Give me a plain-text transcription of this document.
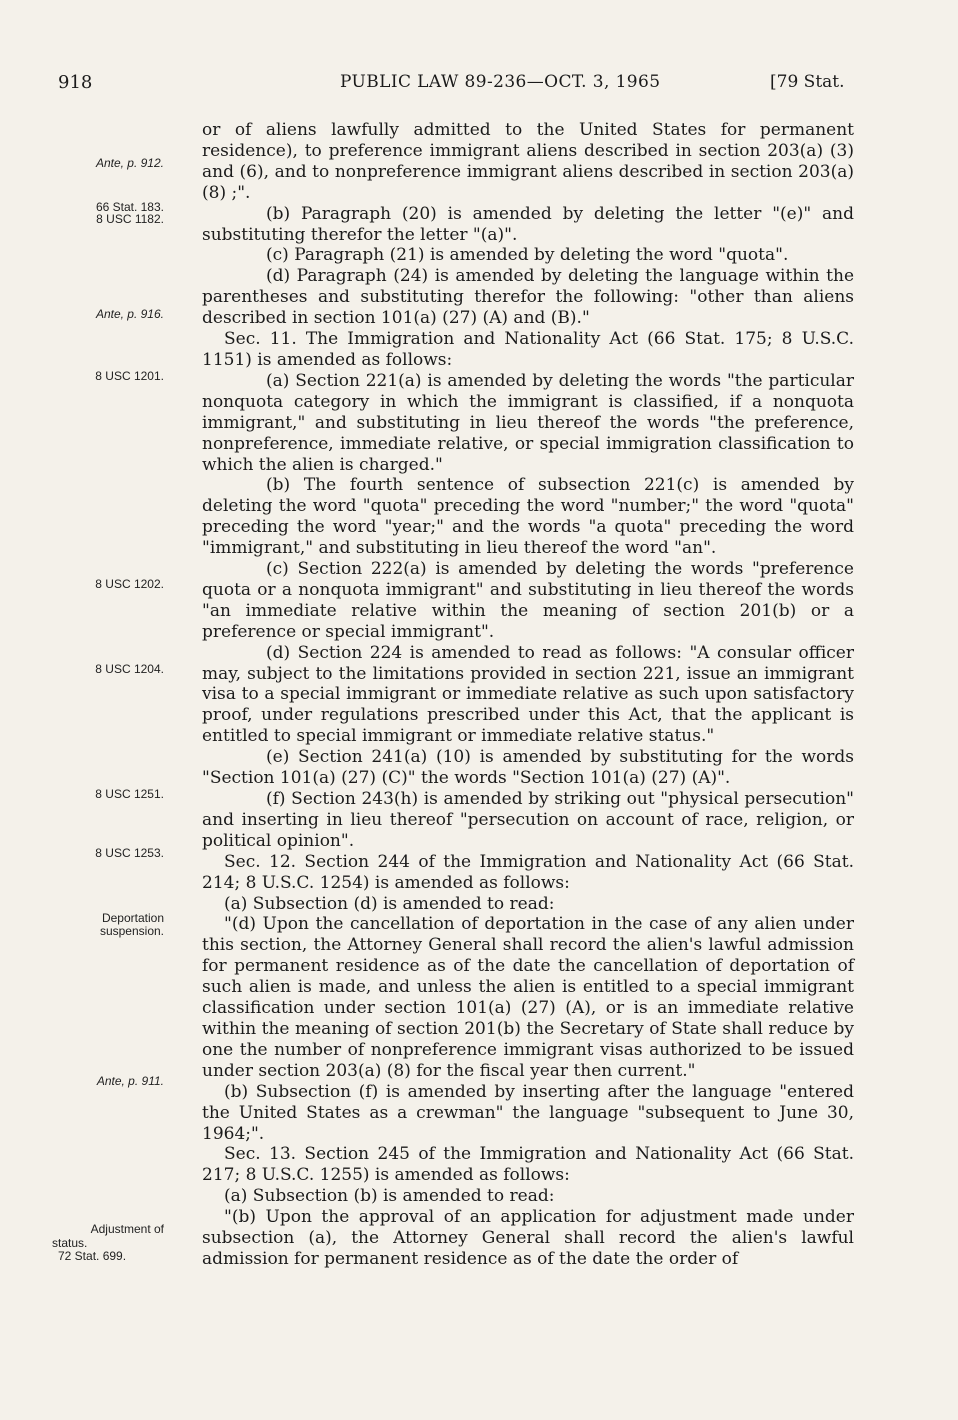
918	PUBLIC LAW 89-236—OCT. 3, 1965	[79 Stat.
Ante, p. 912.
66 Stat. 183.
8 USC 1182.
Ante, p. 916.
8 USC 1201.
8 USC 1202.
8 USC 1204.
8 USC 1251.
8 USC 1253.
Deportation
suspension.
Ante, p. 911.
Adjustment of
status.
72 Stat. 699.

or of aliens lawfully admitted to the United States for permanent residence), to preference immigrant aliens described in section 203(a) (3) and (6), and to nonpreference immigrant aliens described in section 203(a) (8) ;".

(b) Paragraph (20) is amended by deleting the letter "(e)" and substituting therefor the letter "(a)".

(c) Paragraph (21) is amended by deleting the word "quota".

(d) Paragraph (24) is amended by deleting the language within the parentheses and substituting therefor the following: "other than aliens described in section 101(a) (27) (A) and (B)."

Sec. 11. The Immigration and Nationality Act (66 Stat. 175; 8 U.S.C. 1151) is amended as follows:

(a) Section 221(a) is amended by deleting the words "the particular nonquota category in which the immigrant is classified, if a nonquota immigrant," and substituting in lieu thereof the words "the preference, nonpreference, immediate relative, or special immigration classification to which the alien is charged."

(b) The fourth sentence of subsection 221(c) is amended by deleting the word "quota" preceding the word "number;" the word "quota" preceding the word "year;" and the words "a quota" preceding the word "immigrant," and substituting in lieu thereof the word "an".

(c) Section 222(a) is amended by deleting the words "preference quota or a nonquota immigrant" and substituting in lieu thereof the words "an immediate relative within the meaning of section 201(b) or a preference or special immigrant".

(d) Section 224 is amended to read as follows: "A consular officer may, subject to the limitations provided in section 221, issue an immigrant visa to a special immigrant or immediate relative as such upon satisfactory proof, under regulations prescribed under this Act, that the applicant is entitled to special immigrant or immediate relative status."

(e) Section 241(a) (10) is amended by substituting for the words "Section 101(a) (27) (C)" the words "Section 101(a) (27) (A)".

(f) Section 243(h) is amended by striking out "physical persecution" and inserting in lieu thereof "persecution on account of race, religion, or political opinion".

Sec. 12. Section 244 of the Immigration and Nationality Act (66 Stat. 214; 8 U.S.C. 1254) is amended as follows:

(a) Subsection (d) is amended to read:

"(d) Upon the cancellation of deportation in the case of any alien under this section, the Attorney General shall record the alien's lawful admission for permanent residence as of the date the cancellation of deportation of such alien is made, and unless the alien is entitled to a special immigrant classification under section 101(a) (27) (A), or is an immediate relative within the meaning of section 201(b) the Secretary of State shall reduce by one the number of nonpreference immigrant visas authorized to be issued under section 203(a) (8) for the fiscal year then current."

(b) Subsection (f) is amended by inserting after the language "entered the United States as a crewman" the language "subsequent to June 30, 1964;".

Sec. 13. Section 245 of the Immigration and Nationality Act (66 Stat. 217; 8 U.S.C. 1255) is amended as follows:

(a) Subsection (b) is amended to read:

"(b) Upon the approval of an application for adjustment made under subsection (a), the Attorney General shall record the alien's lawful admission for permanent residence as of the date the order of
